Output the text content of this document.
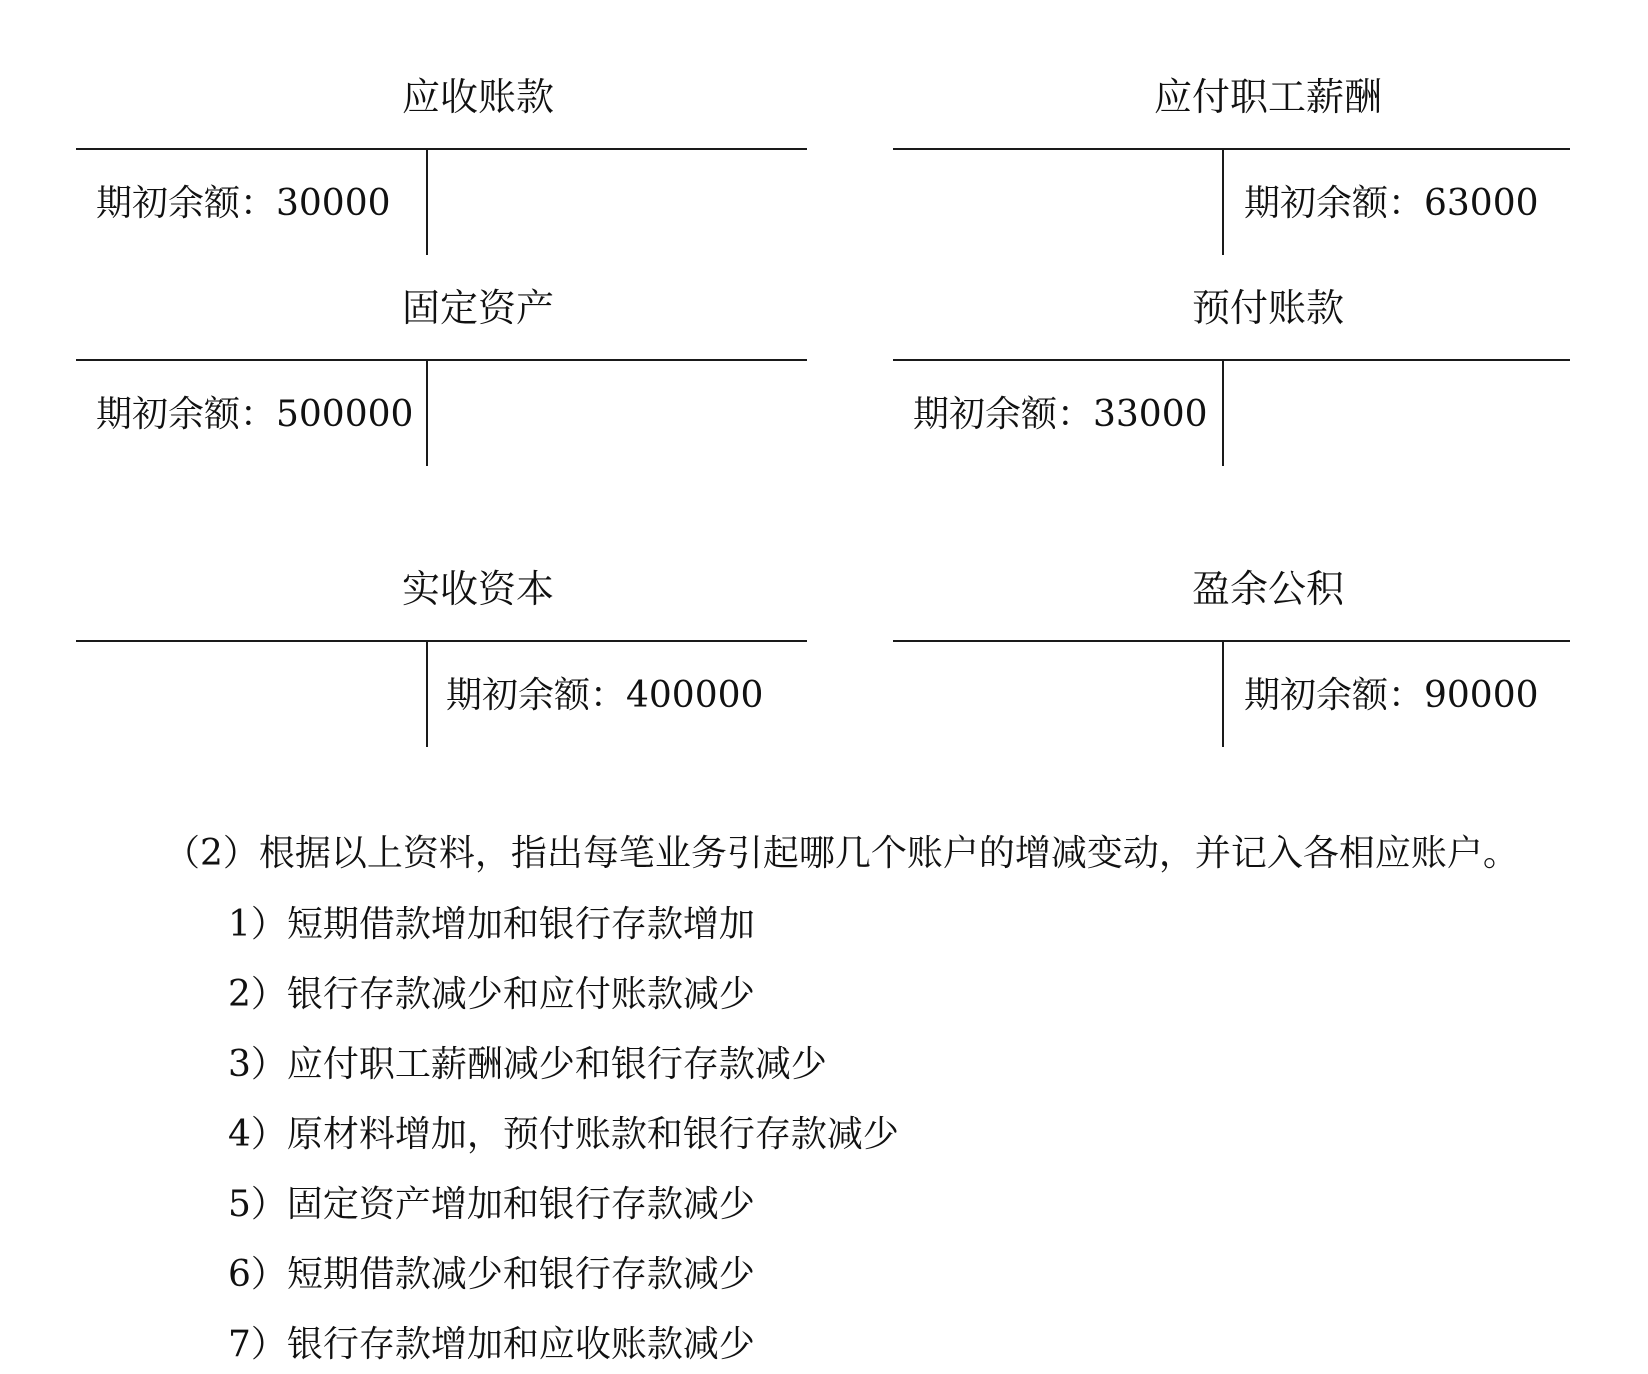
应收账款
期初余额：30000
应付职工薪酬
期初余额：63000
固定资产
期初余额：500000
预付账款
期初余额：33000
实收资本
期初余额：400000
盈余公积
期初余额：90000
（2）根据以上资料，指出每笔业务引起哪几个账户的增减变动，并记入各相应账户。
1）短期借款增加和银行存款增加
2）银行存款减少和应付账款减少
3）应付职工薪酬减少和银行存款减少
4）原材料增加，预付账款和银行存款减少
5）固定资产增加和银行存款减少
6）短期借款减少和银行存款减少
7）银行存款增加和应收账款减少
